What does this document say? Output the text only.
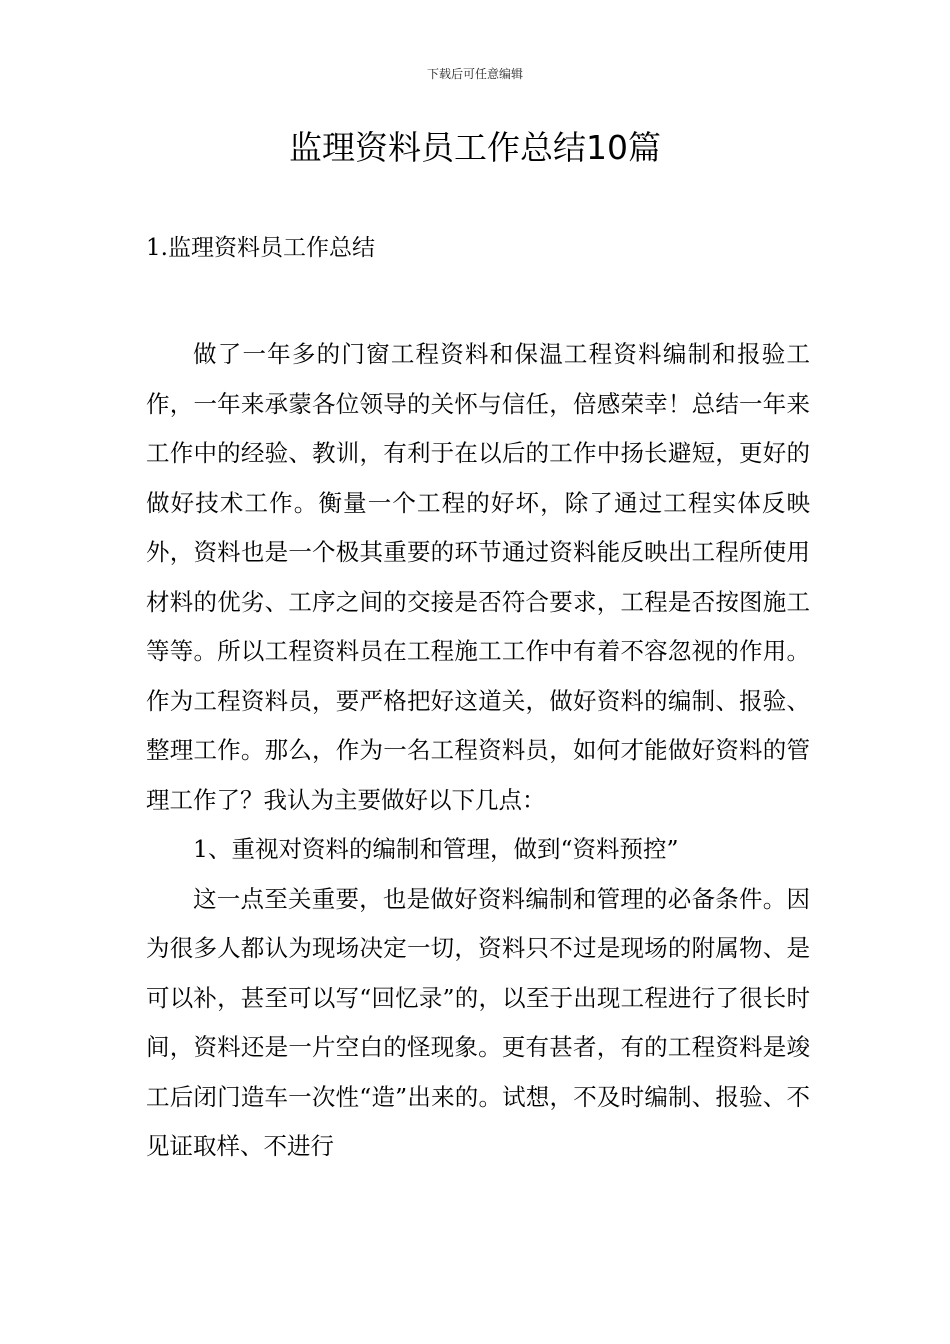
下载后可任意编辑
监理资料员工作总结10篇
1.监理资料员工作总结

做了一年多的门窗工程资料和保温工程资料编制和报验工作，一年来承蒙各位领导的关怀与信任，倍感荣幸！总结一年来工作中的经验、教训，有利于在以后的工作中扬长避短，更好的做好技术工作。衡量一个工程的好坏，除了通过工程实体反映外，资料也是一个极其重要的环节通过资料能反映出工程所使用材料的优劣、工序之间的交接是否符合要求，工程是否按图施工等等。所以工程资料员在工程施工工作中有着不容忽视的作用。作为工程资料员，要严格把好这道关，做好资料的编制、报验、整理工作。那么，作为一名工程资料员，如何才能做好资料的管理工作了？我认为主要做好以下几点：

1、重视对资料的编制和管理，做到“资料预控”

这一点至关重要，也是做好资料编制和管理的必备条件。因为很多人都认为现场决定一切，资料只不过是现场的附属物、是可以补，甚至可以写“回忆录”的，以至于出现工程进行了很长时间，资料还是一片空白的怪现象。更有甚者，有的工程资料是竣工后闭门造车一次性“造”出来的。试想，不及时编制、报验、不见证取样、不进行
